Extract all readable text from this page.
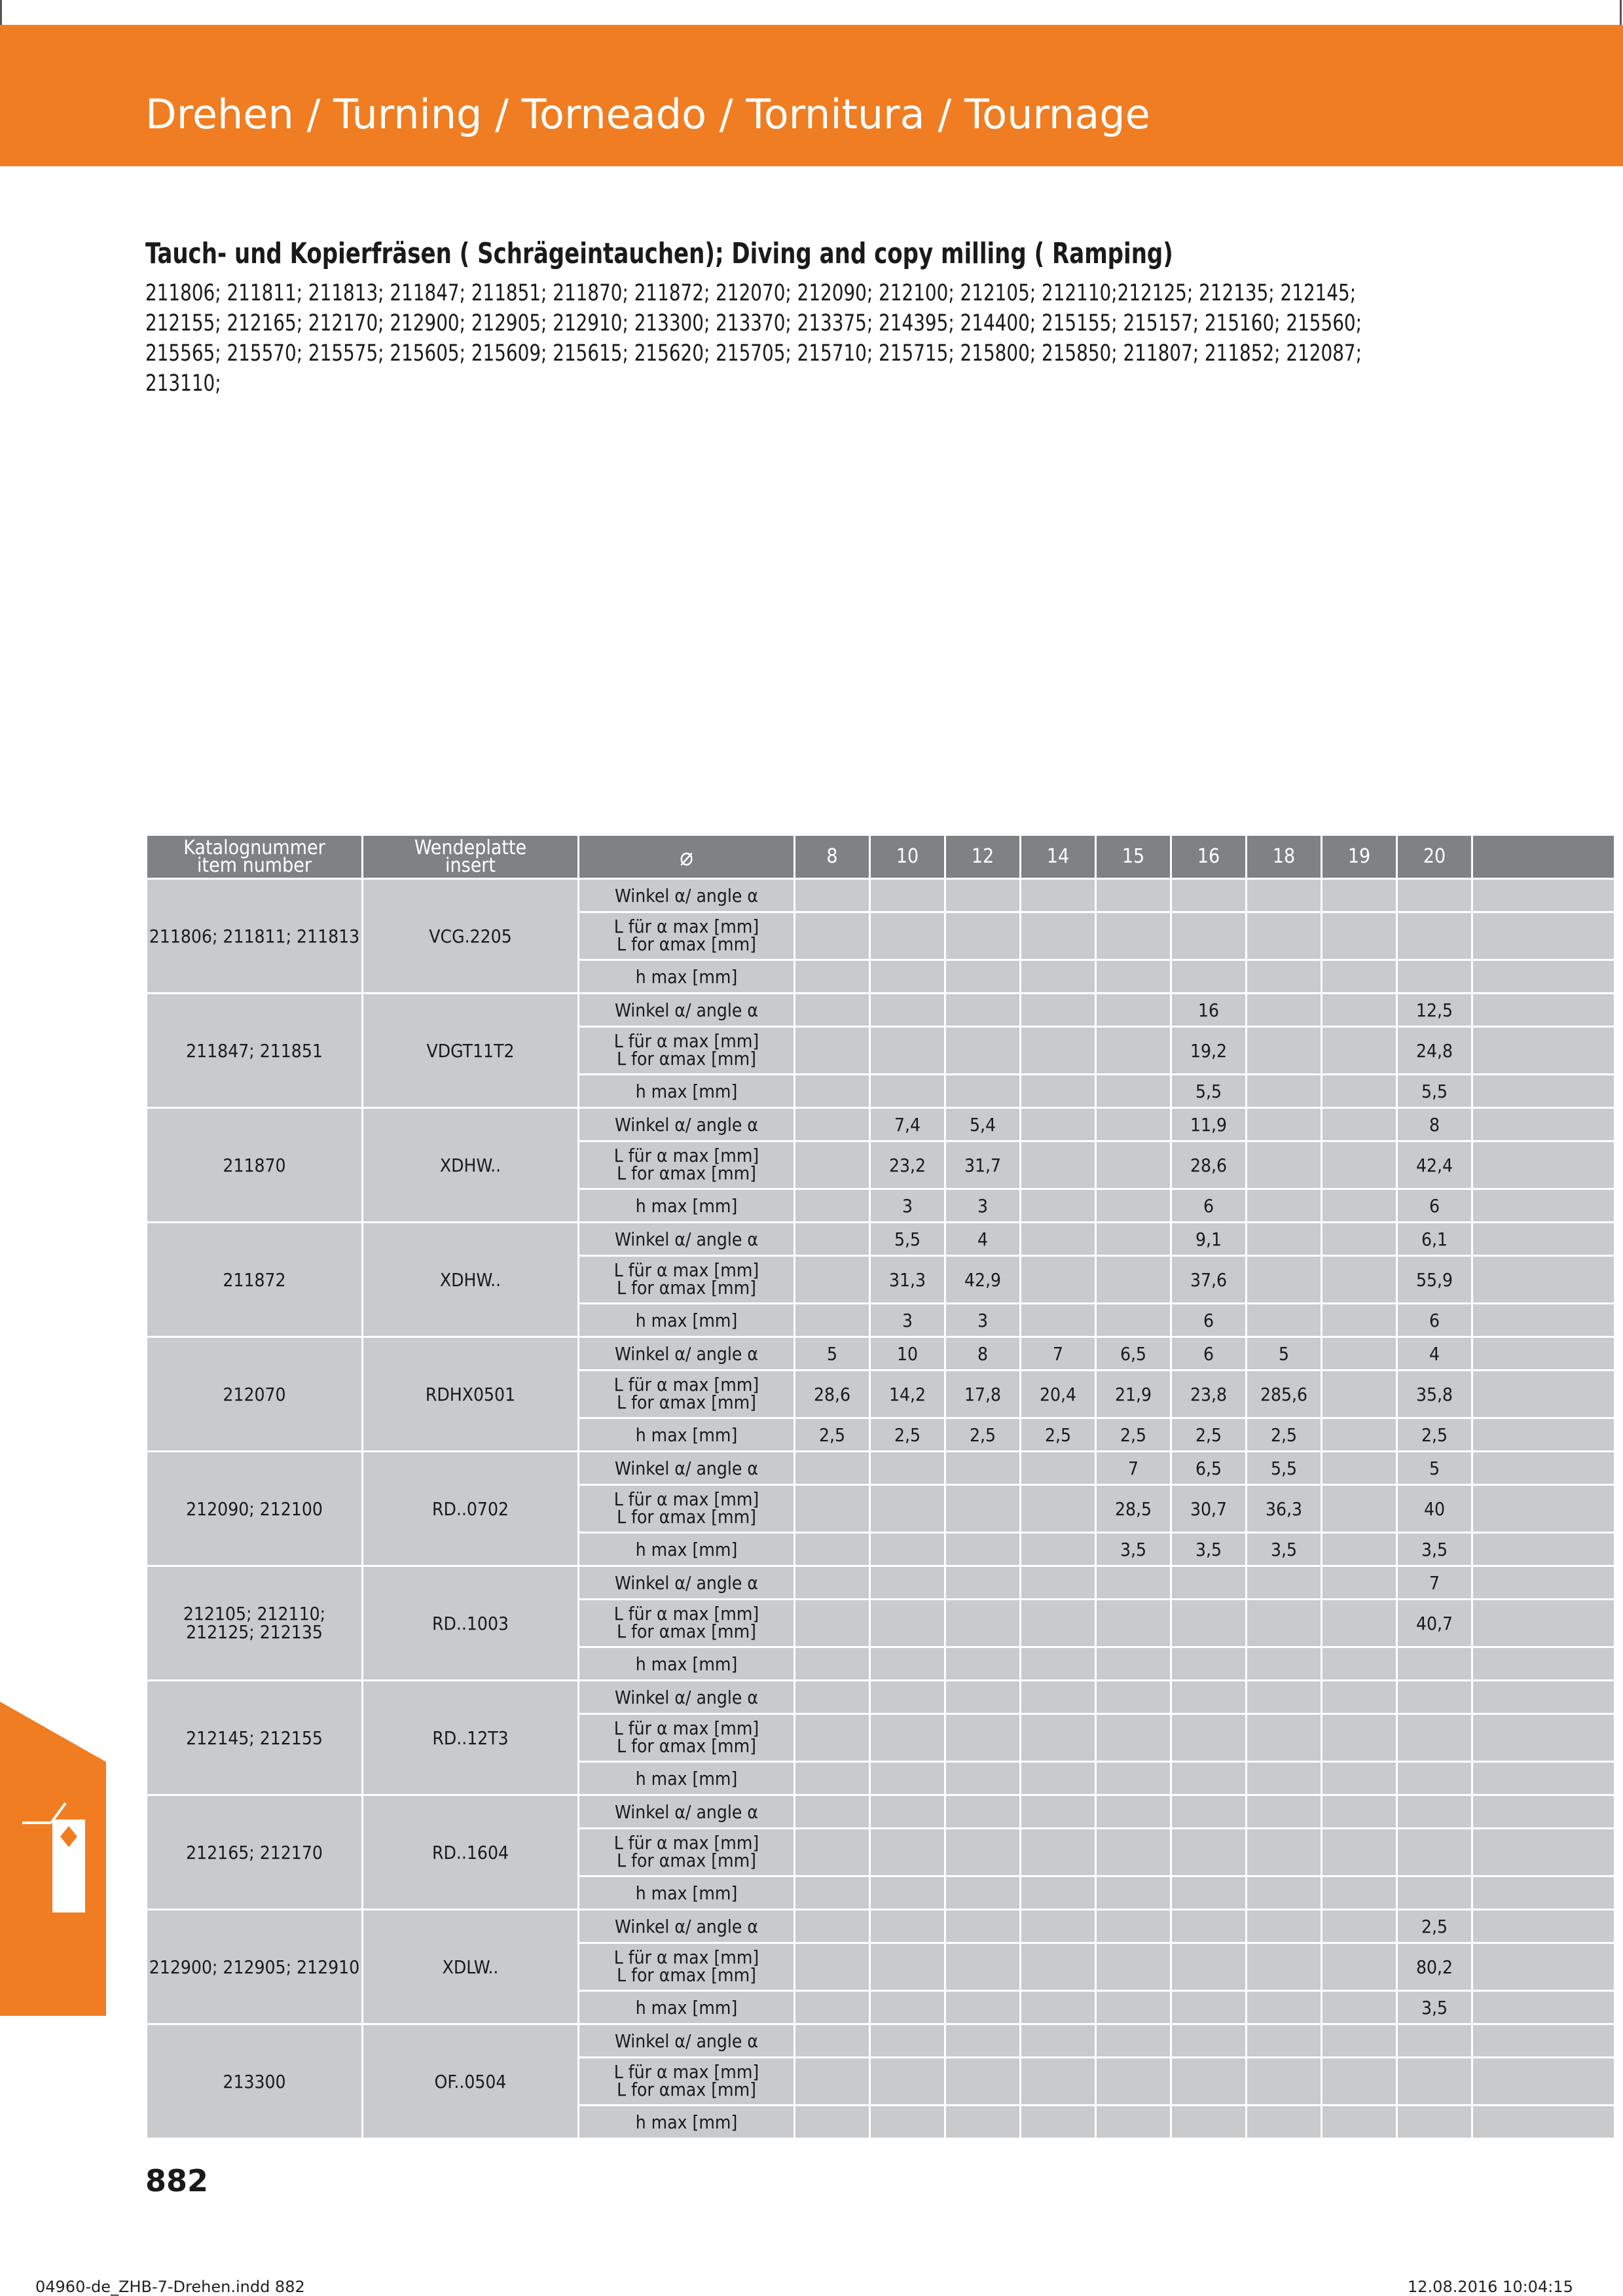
Drehen / Turning / Torneado / Tornitura / Tournage
Tauch- und Kopierfräsen ( Schrägeintauchen); Diving and copy milling ( Ramping)
211806; 211811; 211813; 211847; 211851; 211870; 211872; 212070; 212090; 212100; 212105; 212110;212125; 212135; 212145;
212155; 212165; 212170; 212900; 212905; 212910; 213300; 213370; 213375; 214395; 214400; 215155; 215157; 215160; 215560;
215565; 215570; 215575; 215605; 215609; 215615; 215620; 215705; 215710; 215715; 215800; 215850; 211807; 211852; 212087;
213110;
Katalognummer
item number	Wendeplatte
insert	⌀	8	10	12	14	15	16	18	19	20	
211806; 211811; 211813	VCG.2205	Winkel α/ angle α										
		L für α max [mm]
L for αmax [mm]										
		h max [mm]										
211847; 211851	VDGT11T2	Winkel α/ angle α						16			12,5	
		L für α max [mm]
L for αmax [mm]						19,2			24,8	
		h max [mm]						5,5			5,5	
211870	XDHW..	Winkel α/ angle α		7,4	5,4			11,9			8	
		L für α max [mm]
L for αmax [mm]		23,2	31,7			28,6			42,4	
		h max [mm]		3	3			6			6	
211872	XDHW..	Winkel α/ angle α		5,5	4			9,1			6,1	
		L für α max [mm]
L for αmax [mm]		31,3	42,9			37,6			55,9	
		h max [mm]		3	3			6			6	
212070	RDHX0501	Winkel α/ angle α	5	10	8	7	6,5	6	5		4	
		L für α max [mm]
L for αmax [mm]	28,6	14,2	17,8	20,4	21,9	23,8	285,6		35,8	
		h max [mm]	2,5	2,5	2,5	2,5	2,5	2,5	2,5		2,5	
212090; 212100	RD..0702	Winkel α/ angle α					7	6,5	5,5		5	
		L für α max [mm]
L for αmax [mm]					28,5	30,7	36,3		40	
		h max [mm]					3,5	3,5	3,5		3,5	
212105; 212110; 212125; 212135	RD..1003	Winkel α/ angle α									7	
		L für α max [mm]
L for αmax [mm]									40,7	
		h max [mm]										
212145; 212155	RD..12T3	Winkel α/ angle α										
		L für α max [mm]
L for αmax [mm]										
		h max [mm]										
212165; 212170	RD..1604	Winkel α/ angle α										
		L für α max [mm]
L for αmax [mm]										
		h max [mm]										
212900; 212905; 212910	XDLW..	Winkel α/ angle α									2,5	
		L für α max [mm]
L for αmax [mm]									80,2	
		h max [mm]									3,5	
213300	OF..0504	Winkel α/ angle α										
		L für α max [mm]
L for αmax [mm]										
		h max [mm]										
882
04960-de_ZHB-7-Drehen.indd 882	12.08.2016 10:04:15
